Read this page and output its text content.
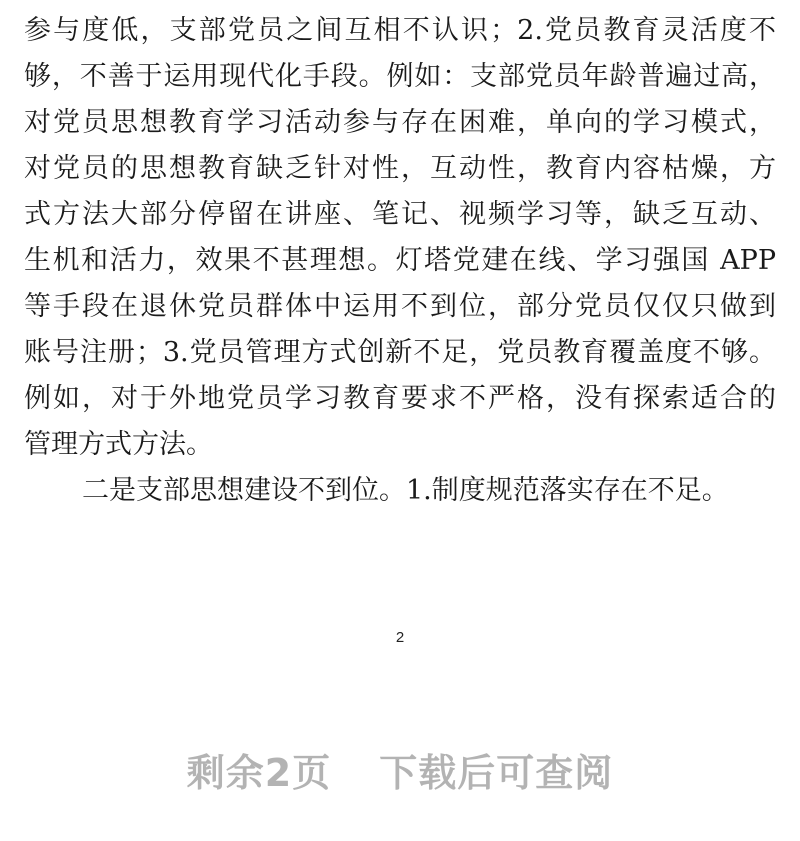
参与度低，支部党员之间互相不认识；2.党员教育灵活度不
够，不善于运用现代化手段。例如：支部党员年龄普遍过高，
对党员思想教育学习活动参与存在困难，单向的学习模式，
对党员的思想教育缺乏针对性，互动性，教育内容枯燥，方
式方法大部分停留在讲座、笔记、视频学习等，缺乏互动、
生机和活力，效果不甚理想。灯塔党建在线、学习强国 APP
等手段在退休党员群体中运用不到位，部分党员仅仅只做到
账号注册；3.党员管理方式创新不足，党员教育覆盖度不够。
例如，对于外地党员学习教育要求不严格，没有探索适合的
管理方式方法。
二是支部思想建设不到位。1.制度规范落实存在不足。
2
剩余2页 下载后可查阅
